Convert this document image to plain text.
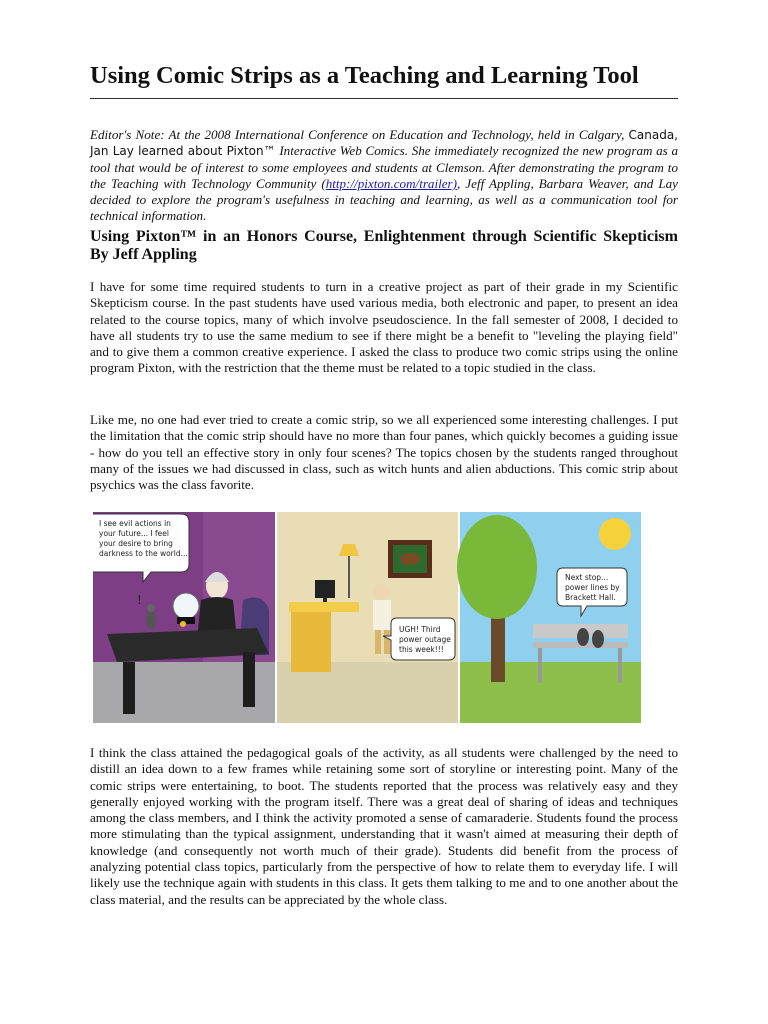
Using Comic Strips as a Teaching and Learning Tool

Editor's Note: At the 2008 International Conference on Education and Technology, held in Calgary, Canada, Jan Lay learned about Pixton™ Interactive Web Comics. She immediately recognized the new program as a tool that would be of interest to some employees and students at Clemson. After demonstrating the program to the Teaching with Technology Community (http://pixton.com/trailer), Jeff Appling, Barbara Weaver, and Lay decided to explore the program's usefulness in teaching and learning, as well as a communication tool for technical information.

Using Pixton™ in an Honors Course, Enlightenment through Scientific Skepticism
By Jeff Appling

I have for some time required students to turn in a creative project as part of their grade in my Scientific Skepticism course. In the past students have used various media, both electronic and paper, to present an idea related to the course topics, many of which involve pseudoscience. In the fall semester of 2008, I decided to have all students try to use the same medium to see if there might be a benefit to "leveling the playing field" and to give them a common creative experience. I asked the class to produce two comic strips using the online program Pixton, with the restriction that the theme must be related to a topic studied in the class.

Like me, no one had ever tried to create a comic strip, so we all experienced some interesting challenges. I put the limitation that the comic strip should have no more than four panes, which quickly becomes a guiding issue - how do you tell an effective story in only four scenes? The topics chosen by the students ranged throughout many of the issues we had discussed in class, such as witch hunts and alien abductions. This comic strip about psychics was the class favorite.

!
I see evil actions in
your future... I feel
your desire to bring
darkness to the world...
UGH! Third
power outage
this week!!!
Next stop...
power lines by
Brackett Hall.

I think the class attained the pedagogical goals of the activity, as all students were challenged by the need to distill an idea down to a few frames while retaining some sort of storyline or interesting point. Many of the comic strips were entertaining, to boot. The students reported that the process was relatively easy and they generally enjoyed working with the program itself. There was a great deal of sharing of ideas and techniques among the class members, and I think the activity promoted a sense of camaraderie. Students found the process more stimulating than the typical assignment, understanding that it wasn't aimed at measuring their depth of knowledge (and consequently not worth much of their grade). Students did benefit from the process of analyzing potential class topics, particularly from the perspective of how to relate them to everyday life. I will likely use the technique again with students in this class. It gets them talking to me and to one another about the class material, and the results can be appreciated by the whole class.
